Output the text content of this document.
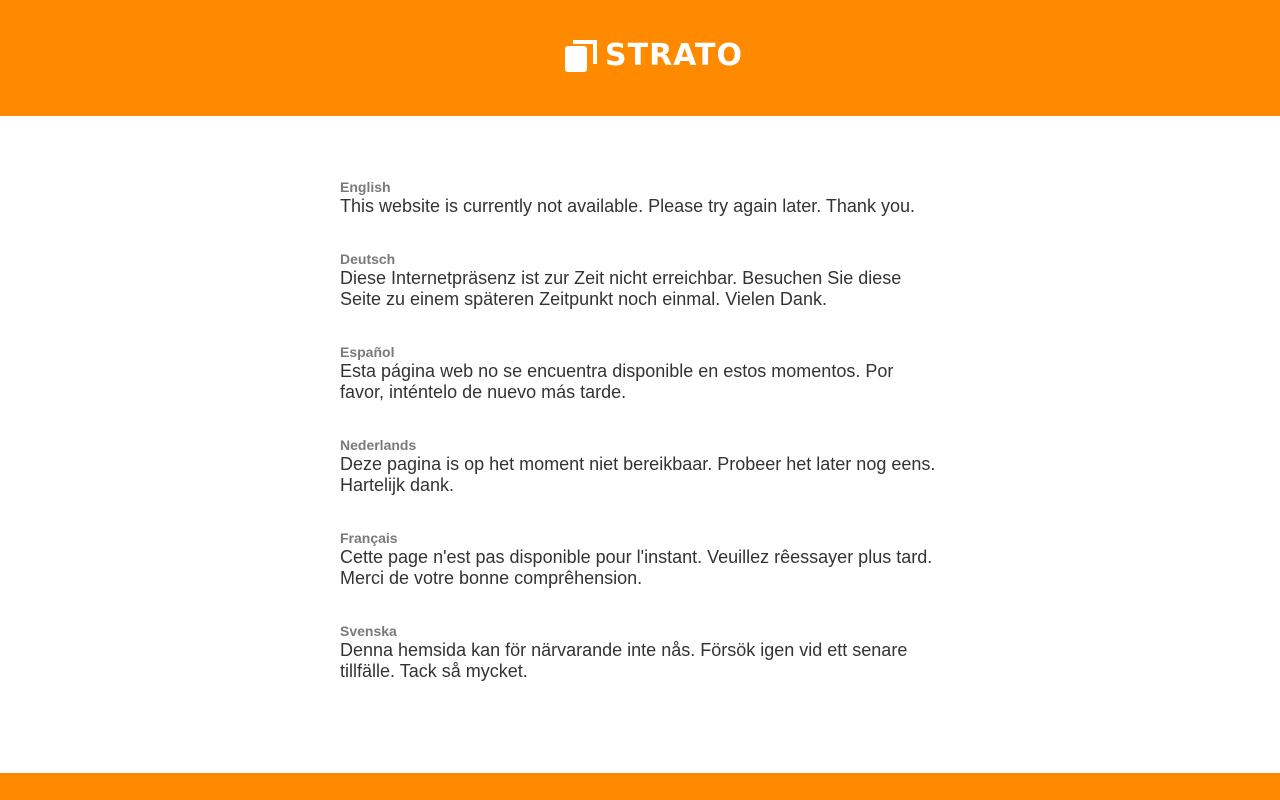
STRATO
English
This website is currently not available. Please try again later. Thank you.
Deutsch
Diese Internetpräsenz ist zur Zeit nicht erreichbar. Besuchen Sie diese Seite zu einem späteren Zeitpunkt noch einmal. Vielen Dank.
Español
Esta página web no se encuentra disponible en estos momentos. Por favor, inténtelo de nuevo más tarde.
Nederlands
Deze pagina is op het moment niet bereikbaar. Probeer het later nog eens. Hartelijk dank.
Français
Cette page n'est pas disponible pour l'instant. Veuillez rêessayer plus tard. Merci de votre bonne comprêhension.
Svenska
Denna hemsida kan för närvarande inte nås. Försök igen vid ett senare tillfälle. Tack så mycket.
